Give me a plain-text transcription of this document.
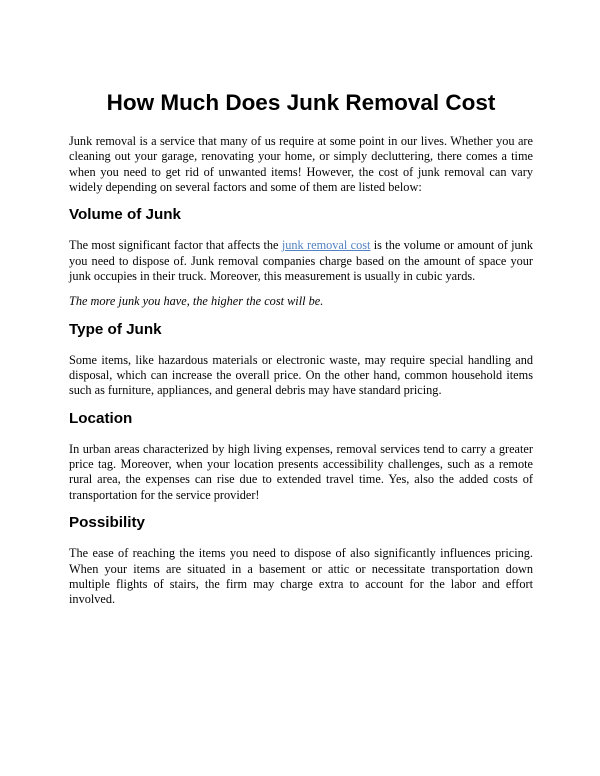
How Much Does Junk Removal Cost

Junk removal is a service that many of us require at some point in our lives. Whether you are cleaning out your garage, renovating your home, or simply decluttering, there comes a time when you need to get rid of unwanted items! However, the cost of junk removal can vary widely depending on several factors and some of them are listed below:

Volume of Junk

The most significant factor that affects the junk removal cost is the volume or amount of junk you need to dispose of. Junk removal companies charge based on the amount of space your junk occupies in their truck. Moreover, this measurement is usually in cubic yards.

The more junk you have, the higher the cost will be.

Type of Junk

Some items, like hazardous materials or electronic waste, may require special handling and disposal, which can increase the overall price. On the other hand, common household items such as furniture, appliances, and general debris may have standard pricing.

Location

In urban areas characterized by high living expenses, removal services tend to carry a greater price tag. Moreover, when your location presents accessibility challenges, such as a remote rural area, the expenses can rise due to extended travel time. Yes, also the added costs of transportation for the service provider!

Possibility

The ease of reaching the items you need to dispose of also significantly influences pricing. When your items are situated in a basement or attic or necessitate transportation down multiple flights of stairs, the firm may charge extra to account for the labor and effort involved.
